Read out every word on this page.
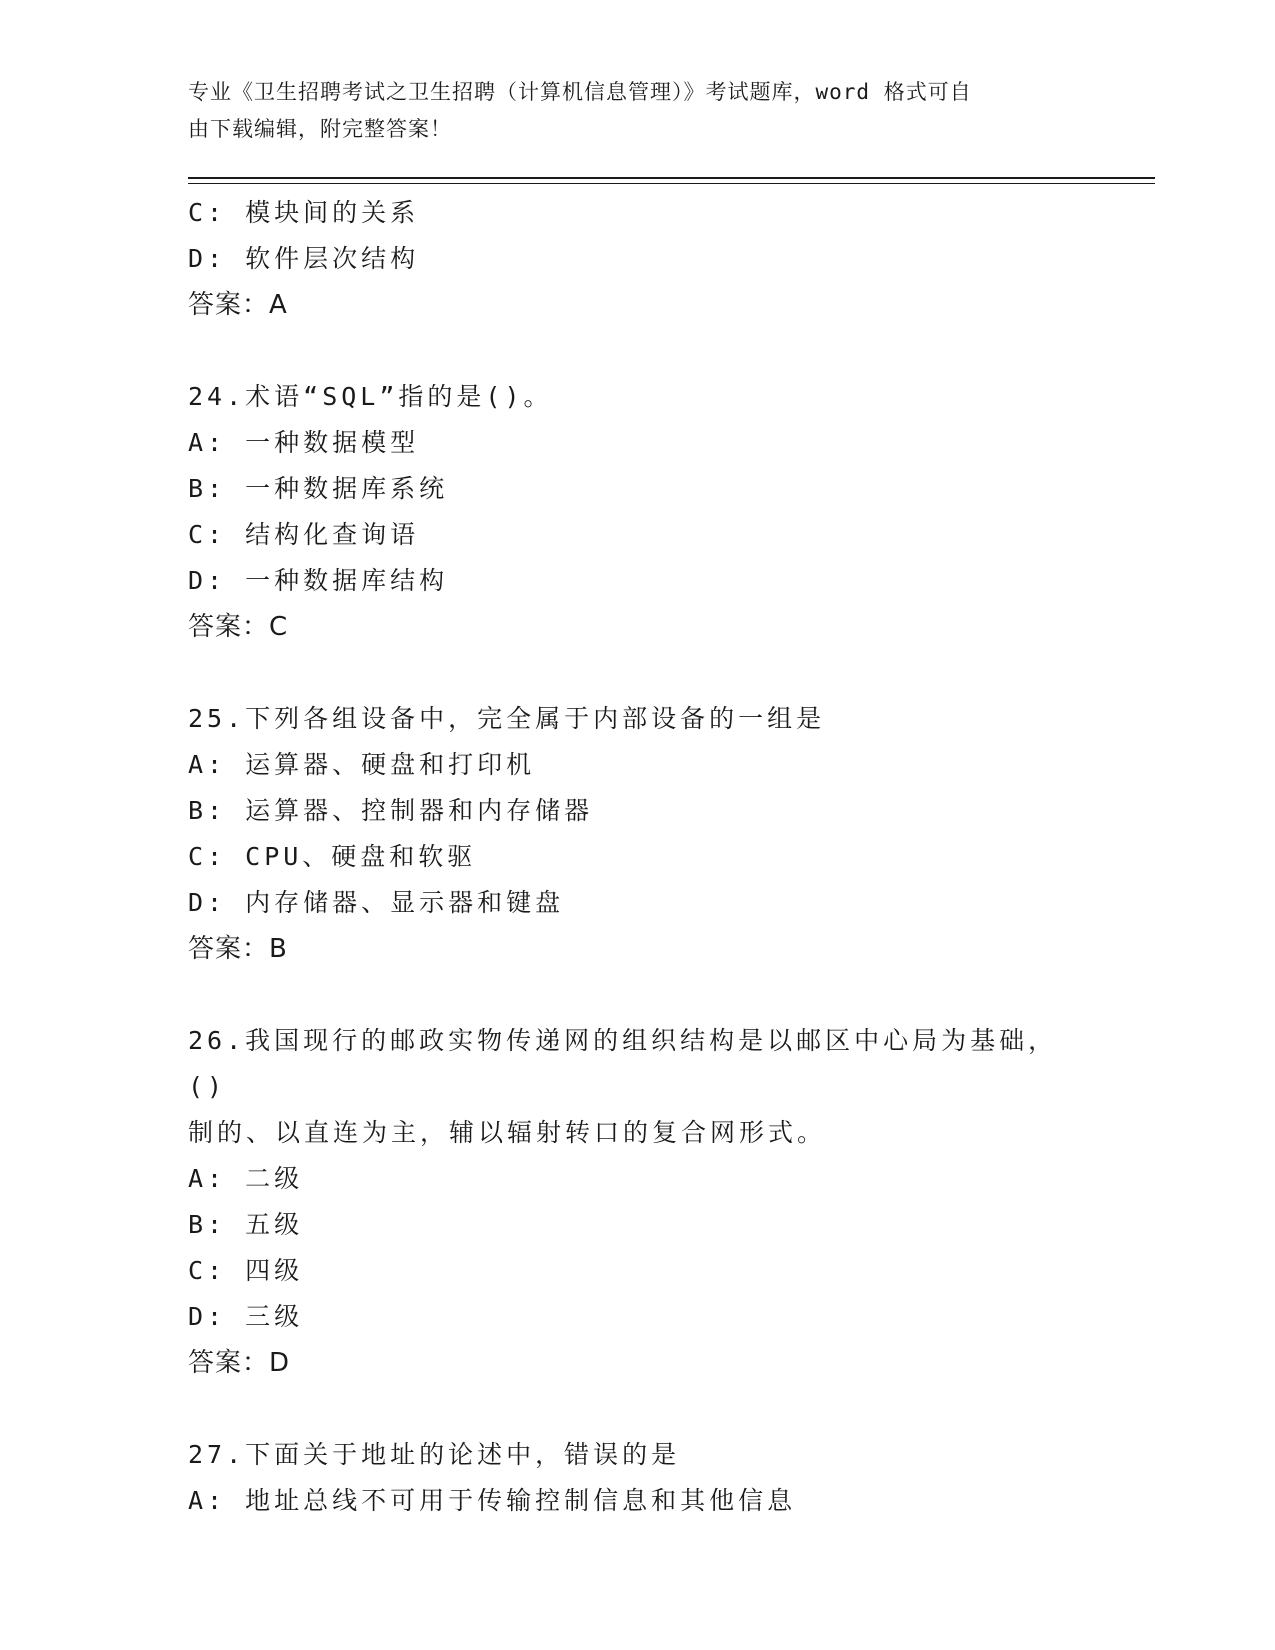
专业《卫生招聘考试之卫生招聘（计算机信息管理）》考试题库，word 格式可自
由下载编辑，附完整答案！
C: 模块间的关系
D: 软件层次结构
答案：A
24.术语“SQL”指的是()。
A: 一种数据模型
B: 一种数据库系统
C: 结构化查询语
D: 一种数据库结构
答案：C
25.下列各组设备中，完全属于内部设备的一组是
A: 运算器、硬盘和打印机
B: 运算器、控制器和内存储器
C: CPU、硬盘和软驱
D: 内存储器、显示器和键盘
答案：B
26.我国现行的邮政实物传递网的组织结构是以邮区中心局为基础，()
制的、以直连为主，辅以辐射转口的复合网形式。
A: 二级
B: 五级
C: 四级
D: 三级
答案：D
27.下面关于地址的论述中，错误的是
A: 地址总线不可用于传输控制信息和其他信息
